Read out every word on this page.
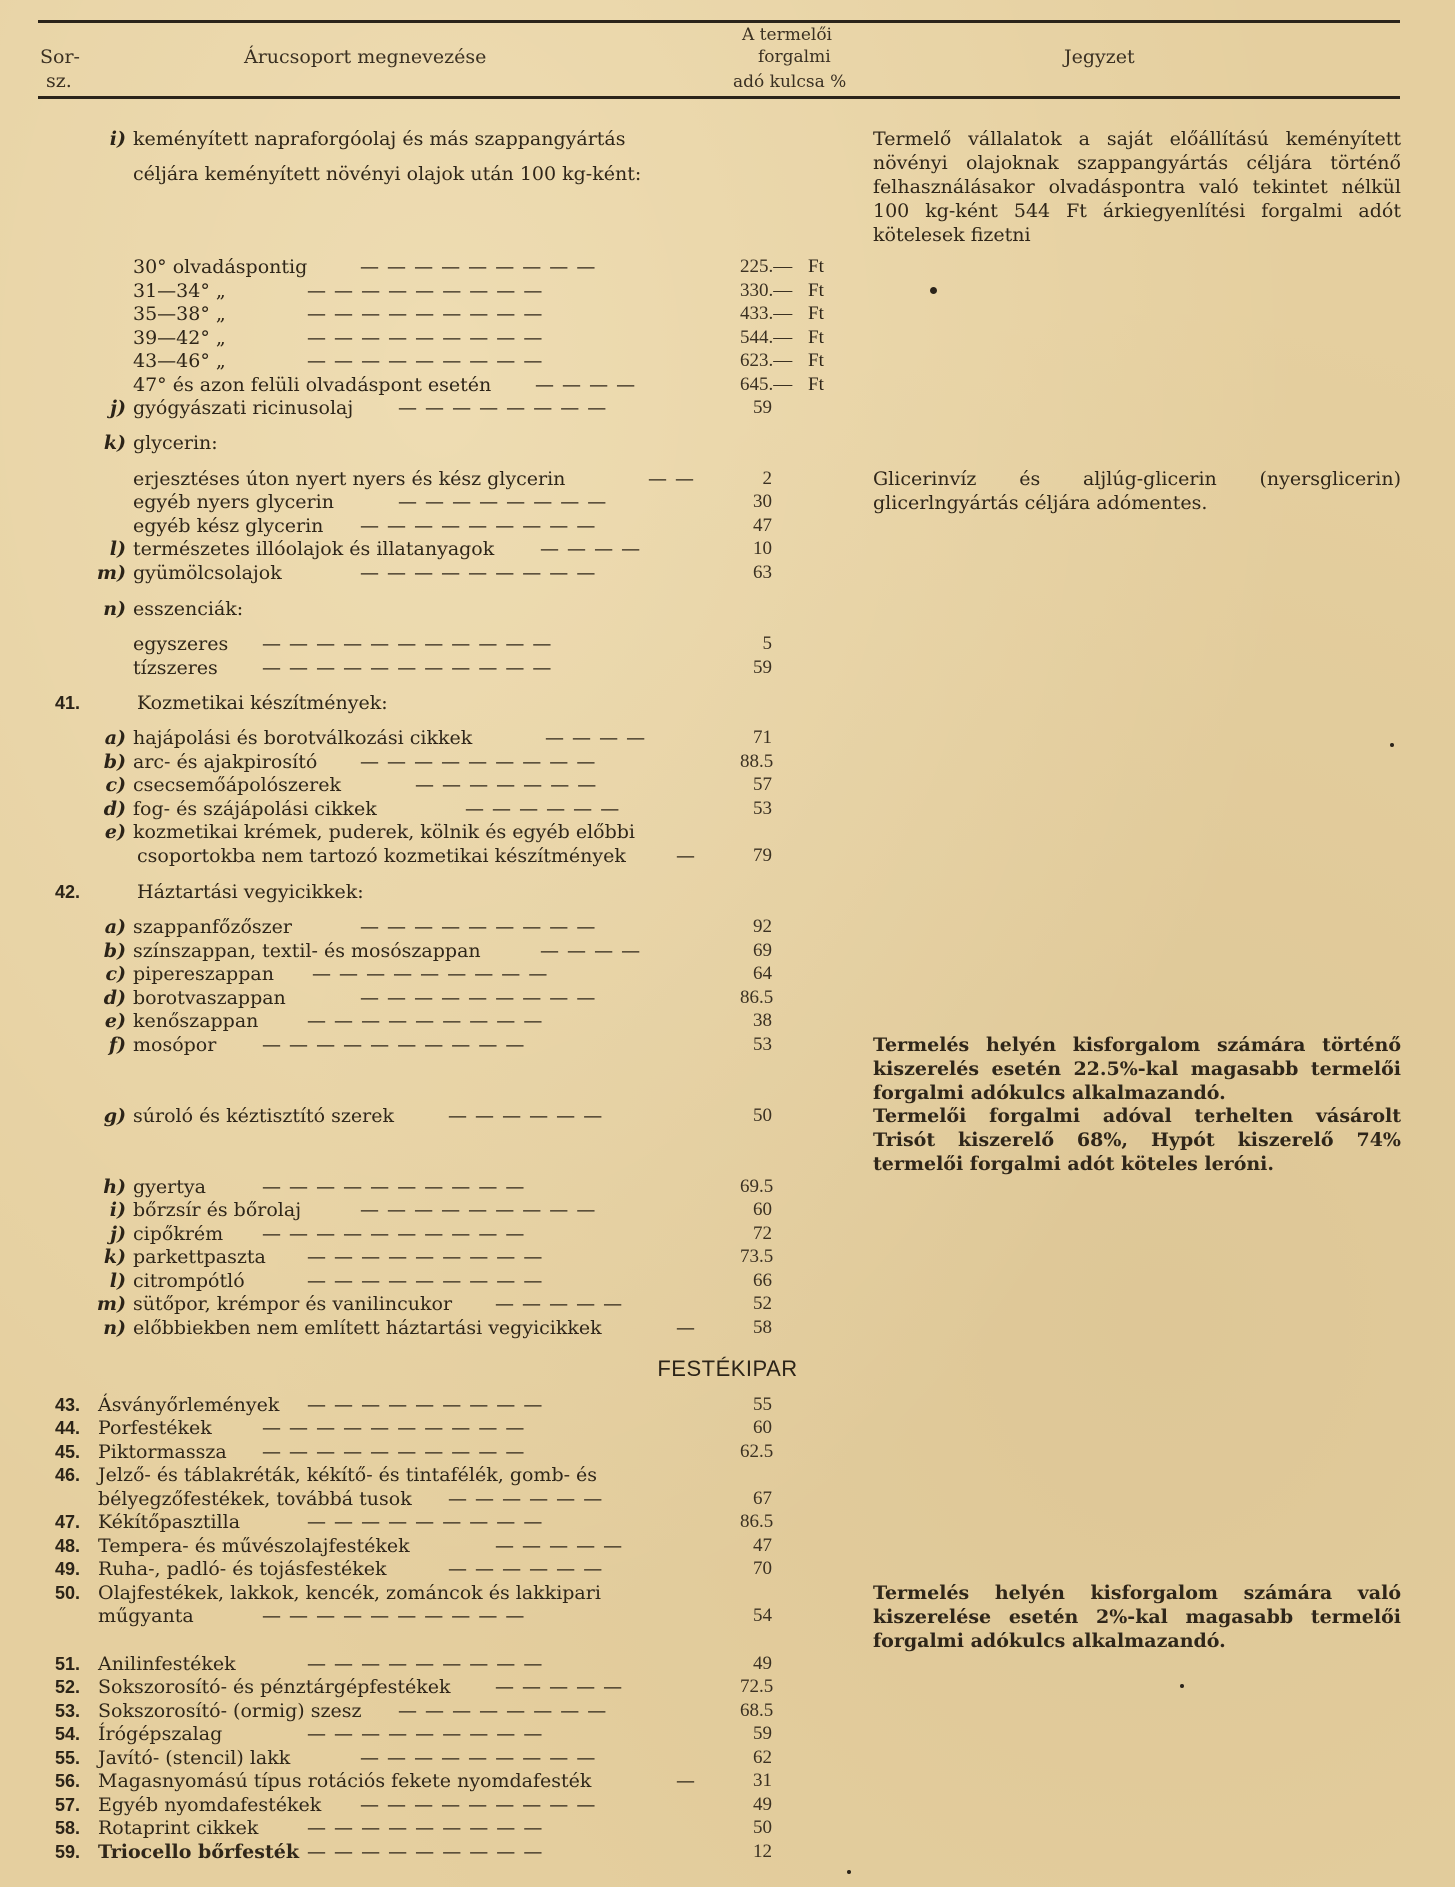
Sor-
sz.
Árucsoport megnevezése
A termelői
forgalmi
adó kulcsa %
Jegyzet
i) keményített napraforgóolaj és más szappangyártás
céljára keményített növényi olajok után 100 kg-ként:
30° olvadáspontig	— — — — — — — — —	225.— Ft
31—34° „	— — — — — — — — —	330.— Ft
35—38° „	— — — — — — — — —	433.— Ft
39—42° „	— — — — — — — — —	544.— Ft
43—46° „	— — — — — — — — —	623.— Ft
47° és azon felüli olvadáspont esetén — — — —	645.— Ft
j) gyógyászati ricinusolaj — — — — — — — —	59
k) glycerin:
erjesztéses úton nyert nyers és kész glycerin	— —	2
egyéb nyers glycerin	— — — — — — — —	30
egyéb kész glycerin — — — — — — — — —	47
l) természetes illóolajok és illatanyagok — — — —	10
m) gyümölcsolajok	— — — — — — — — —	63
n) esszenciák:
egyszeres — — — — — — — — — — —	5
tízszeres — — — — — — — — — — —	59
41.	Kozmetikai készítmények:
a) hajápolási és borotválkozási cikkek	— — — —	71
b) arc- és ajakpirosító — — — — — — — — —	88.5
c) csecsemőápolószerek	— — — — — — —	57
d) fog- és szájápolási cikkek	— — — — — —	53
e) kozmetikai krémek, puderek, kölnik és egyéb előbbi
csoportokba nem tartozó kozmetikai készítmények	—	79
42.	Háztartási vegyicikkek:
a) szappanfőzőszer	— — — — — — — — —	92
b) színszappan, textil- és mosószappan	— — — —	69
c) pipereszappan — — — — — — — — —	64
d) borotvaszappan	— — — — — — — — —	86.5
e) kenőszappan	— — — — — — — — —	38
f) mosópor — — — — — — — — — —	53
g) súroló és kéztisztító szerek	— — — — — —	50
h) gyertya	— — — — — — — — — —	69.5
i) bőrzsír és bőrolaj	— — — — — — — — —	60
j) cipőkrém — — — — — — — — — —	72
k) parkettpaszta — — — — — — — — —	73.5
l) citrompótló	— — — — — — — — —	66
m) sütőpor, krémpor és vanilincukor — — — — —	52
n) előbbiekben nem említett háztartási vegyicikkek	—	58
FESTÉKIPAR
43. Ásványőrlemények — — — — — — — — —	55
44. Porfestékek	— — — — — — — — — —	60
45. Piktormassza — — — — — — — — — —	62.5
46. Jelző- és táblakréták, kékítő- és tintafélék, gomb- és
bélyegzőfestékek, továbbá tusok — — — — — —	67
47. Kékítőpasztilla	— — — — — — — — —	86.5
48. Tempera- és művészolajfestékek	— — — — —	47
49. Ruha-, padló- és tojásfestékek	— — — — — —	70
50. Olajfestékek, lakkok, kencék, zománcok és lakkipari
műgyanta	— — — — — — — — — —	54
51. Anilinfestékek	— — — — — — — — —	49
52. Sokszorosító- és pénztárgépfestékek — — — — —	72.5
53. Sokszorosító- (ormig) szesz — — — — — — — —	68.5
54. Írógépszalag	— — — — — — — — —	59
55. Javító- (stencil) lakk	— — — — — — — — —	62
56. Magasnyomású típus rotációs fekete nyomdafesték	—	31
57. Egyéb nyomdafestékek — — — — — — — — —	49
58. Rotaprint cikkek	— — — — — — — — —	50
59. Triocello bőrfesték — — — — — — — — —	12
Termelő vállalatok a saját előállítású keményített növényi olajoknak szappangyártás céljára történő felhasználásakor olvadáspontra való tekintet nélkül 100 kg-ként 544 Ft árkiegyenlítési forgalmi adót kötelesek fizetni
Glicerinvíz és aljlúg-glicerin (nyersglicerin) glicerlngyártás céljára adómentes.
Termelés helyén kisforgalom számára történő kiszerelés esetén 22.5%-kal magasabb termelői forgalmi adókulcs alkalmazandó.
Termelői forgalmi adóval terhelten vásárolt Trisót kiszerelő 68%, Hypót kiszerelő 74% termelői forgalmi adót köteles leróni.
Termelés helyén kisforgalom számára való kiszerelése esetén 2%-kal magasabb termelői forgalmi adókulcs alkalmazandó.
